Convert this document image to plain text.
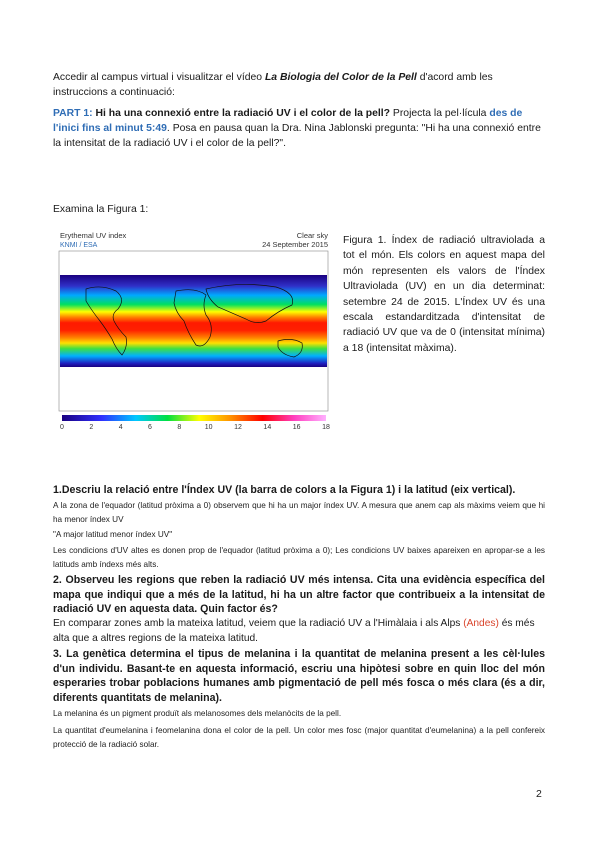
Accedir al campus virtual i visualitzar el vídeo La Biologia del Color de la Pell d'acord amb les instruccions a continuació:
PART 1: Hi ha una connexió entre la radiació UV i el color de la pell? Projecta la pel·lícula des de l'inici fins al minut 5:49. Posa en pausa quan la Dra. Nina Jablonski pregunta: "Hi ha una connexió entre la intensitat de la radiació UV i el color de la pell?".
Examina la Figura 1:
Erythemal UV index
KNMI / ESA
Clear sky
24 September 2015
0	2	4	6	8	10	12	14	16	18
Figura 1. Índex de radiació ultraviolada a tot el món. Els colors en aquest mapa del món representen els valors de l'Índex Ultraviolada (UV) en un dia determinat: setembre 24 de 2015. L'Índex UV és una escala estandarditzada d'intensitat de radiació UV que va de 0 (intensitat mínima) a 18 (intensitat màxima).
1.Descriu la relació entre l'Índex UV (la barra de colors a la Figura 1) i la latitud (eix vertical).
A la zona de l'equador (latitud pròxima a 0) observem que hi ha un major índex UV. A mesura que anem cap als màxims veiem que hi ha menor índex UV
"A major latitud menor índex UV"
Les condicions d'UV altes es donen prop de l'equador (latitud pròxima a 0); Les condicions UV baixes apareixen en apropar-se a les latituds amb índexs més alts.
2. Observeu les regions que reben la radiació UV més intensa. Cita una evidència específica del mapa que indiqui que a més de la latitud, hi ha un altre factor que contribueix a la intensitat de radiació UV en aquesta data. Quin factor és?
En comparar zones amb la mateixa latitud, veiem que la radiació UV a l'Himàlaia i als Alps (Andes) és més alta que a altres regions de la mateixa latitud.
3. La genètica determina el tipus de melanina i la quantitat de melanina present a les cèl·lules d'un individu. Basant-te en aquesta informació, escriu una hipòtesi sobre en quin lloc del món esperaries trobar poblacions humanes amb pigmentació de pell més fosca o més clara (és a dir, diferents quantitats de melanina).
La melanina és un pigment produït als melanosomes dels melanòcits de la pell.
La quantitat d'eumelanina i feomelanina dona el color de la pell. Un color mes fosc (major quantitat d'eumelanina) a la pell confereix protecció de la radiació solar.
2
